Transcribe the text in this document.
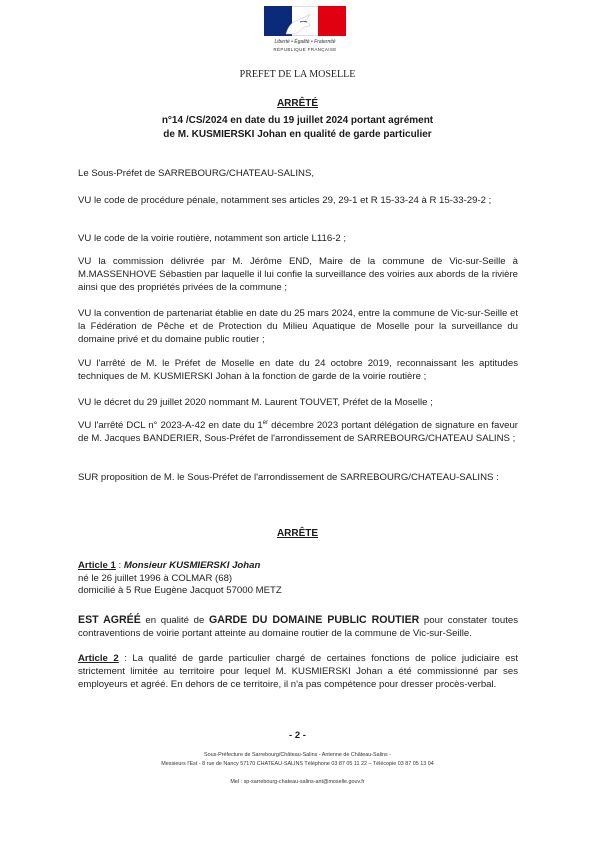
Liberté • Égalité • Fraternité
RÉPUBLIQUE FRANÇAISE
PREFET DE LA MOSELLE
ARRÊTÉ
n°14 /CS/2024 en date du 19 juillet 2024 portant agrément
de M. KUSMIERSKI Johan en qualité de garde particulier
Le Sous-Préfet de SARREBOURG/CHATEAU-SALINS,
VU le code de procédure pénale, notamment ses articles 29, 29-1 et R 15-33-24 à R 15-33-29-2 ;
VU le code de la voirie routière, notamment son article L116-2 ;
VU la commission délivrée par M. Jérôme END, Maire de la commune de Vic-sur-Seille à M.MASSENHOVE Sébastien par laquelle il lui confie la surveillance des voiries aux abords de la rivière ainsi que des propriétés privées de la commune ;
VU la convention de partenariat établie en date du 25 mars 2024, entre la commune de Vic-sur-Seille et la Fédération de Pêche et de Protection du Milieu Aquatique de Moselle pour la surveillance du domaine privé et du domaine public routier ;
VU l'arrêté de M. le Préfet de Moselle en date du 24 octobre 2019, reconnaissant les aptitudes techniques de M. KUSMIERSKI Johan à la fonction de garde de la voirie routière ;
VU le décret du 29 juillet 2020 nommant M. Laurent TOUVET, Préfet de la Moselle ;
VU l'arrêté DCL n° 2023-A-42 en date du 1er décembre 2023 portant délégation de signature en faveur de M. Jacques BANDERIER, Sous-Préfet de l'arrondissement de SARREBOURG/CHATEAU SALINS ;
SUR proposition de M. le Sous-Préfet de l'arrondissement de SARREBOURG/CHATEAU-SALINS :
ARRÊTE
Article 1 : Monsieur KUSMIERSKI Johan
né le 26 juillet 1996 à COLMAR (68)
domicilié à 5 Rue Eugène Jacquot 57000 METZ
EST AGRÉÉ en qualité de GARDE DU DOMAINE PUBLIC ROUTIER pour constater toutes contraventions de voirie portant atteinte au domaine routier de la commune de Vic-sur-Seille.
Article 2 : La qualité de garde particulier chargé de certaines fonctions de police judiciaire est strictement limitée au territoire pour lequel M. KUSMIERSKI Johan a été commissionné par ses employeurs et agréé. En dehors de ce territoire, il n'a pas compétence pour dresser procès-verbal.
- 2 -
Sous-Préfecture de Sarrebourg/Château-Salins - Antenne de Château-Salins -
Messieurs l'Est - 8 rue de Nancy 57170 CHATEAU-SALINS Téléphone 03 87 05 11 22 – Télécopie 03 87 05 13 04
Mel : sp-sarrebourg-chateau-salins-ant@moselle.gouv.fr
